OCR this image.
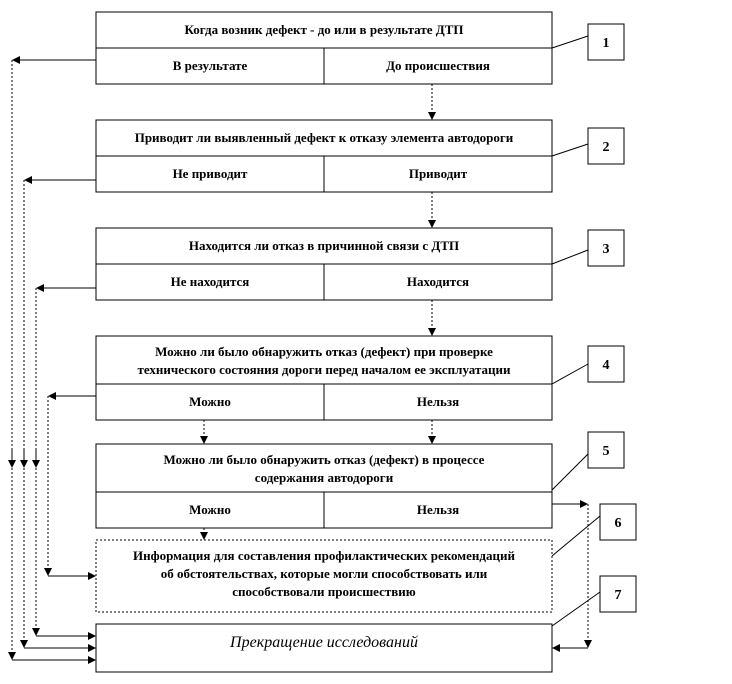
Когда возник дефект - до или в результате ДТП
В результате	До происшествия
1
Приводит ли выявленный дефект к отказу элемента автодороги
Не приводит	Приводит
2
Находится ли отказ в причинной связи с ДТП
Не находится	Находится
3
Можно ли было обнаружить отказ (дефект) при проверке
технического состояния дороги перед началом ее эксплуатации
Можно	Нельзя
4
Можно ли было обнаружить отказ (дефект) в процессе
содержания автодороги
Можно	Нельзя
5
Информация для составления профилактических рекомендаций
об обстоятельствах, которые могли способствовать или
способствовали происшествию
6
Прекращение исследований
7
